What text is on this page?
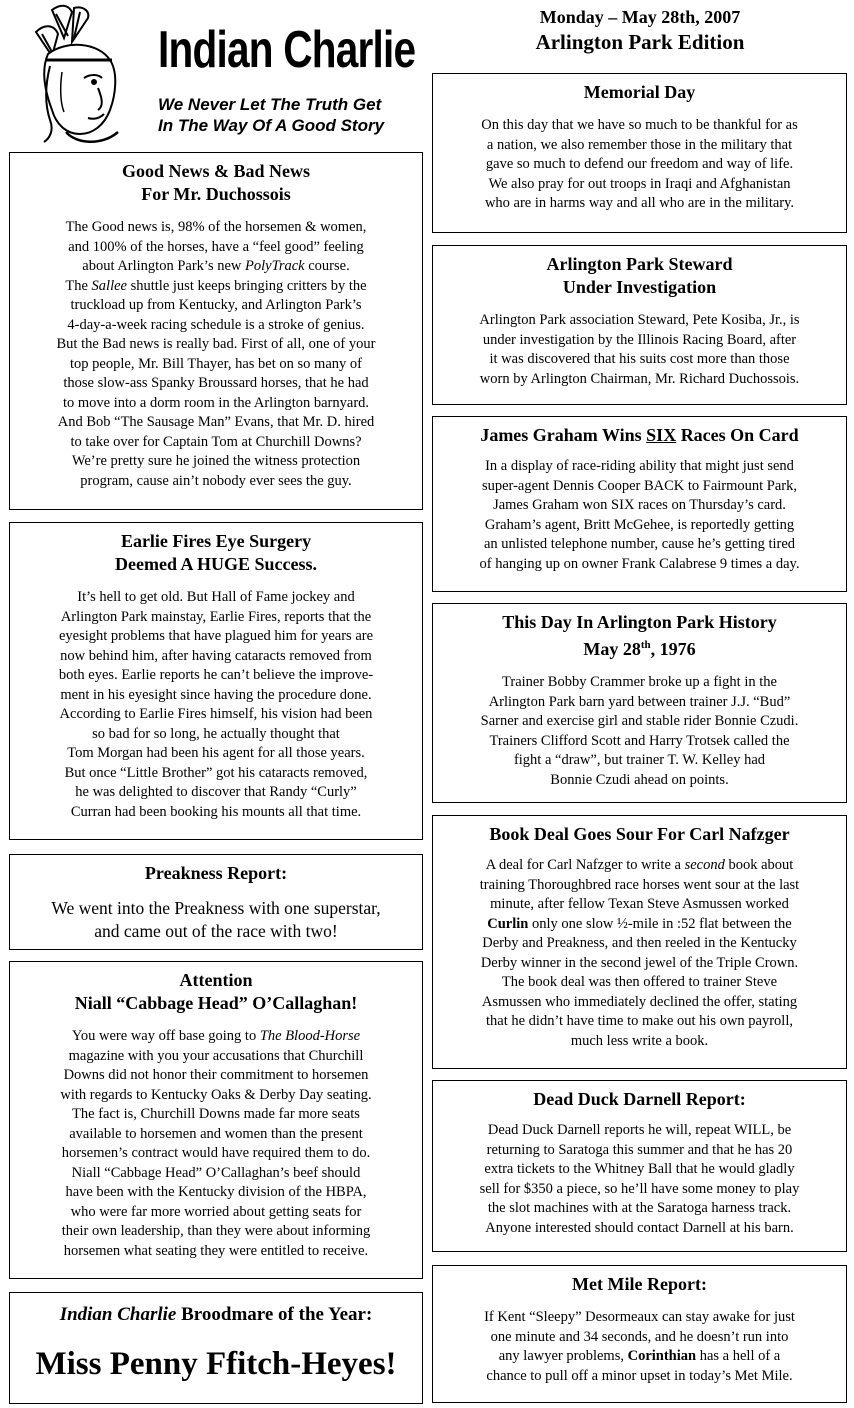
Indian Charlie
We Never Let The Truth Get
In The Way Of A Good Story
Monday – May 28th, 2007
Arlington Park Edition
Good News & Bad News
For Mr. Duchossois

The Good news is, 98% of the horsemen & women,

and 100% of the horses, have a “feel good” feeling

about Arlington Park’s new PolyTrack course.

The Sallee shuttle just keeps bringing critters by the

truckload up from Kentucky, and Arlington Park’s

4-day-a-week racing schedule is a stroke of genius.

But the Bad news is really bad. First of all, one of your

top people, Mr. Bill Thayer, has bet on so many of

those slow-ass Spanky Broussard horses, that he had

to move into a dorm room in the Arlington barnyard.

And Bob “The Sausage Man” Evans, that Mr. D. hired

to take over for Captain Tom at Churchill Downs?

We’re pretty sure he joined the witness protection

program, cause ain’t nobody ever sees the guy.

Earlie Fires Eye Surgery
Deemed A HUGE Success.

It’s hell to get old. But Hall of Fame jockey and

Arlington Park mainstay, Earlie Fires, reports that the

eyesight problems that have plagued him for years are

now behind him, after having cataracts removed from

both eyes. Earlie reports he can’t believe the improve-

ment in his eyesight since having the procedure done.

According to Earlie Fires himself, his vision had been

so bad for so long, he actually thought that

Tom Morgan had been his agent for all those years.

But once “Little Brother” got his cataracts removed,

he was delighted to discover that Randy “Curly”

Curran had been booking his mounts all that time.

Preakness Report:
We went into the Preakness with one superstar,
and came out of the race with two!
Attention
Niall “Cabbage Head” O’Callaghan!

You were way off base going to The Blood-Horse

magazine with you your accusations that Churchill

Downs did not honor their commitment to horsemen

with regards to Kentucky Oaks & Derby Day seating.

The fact is, Churchill Downs made far more seats

available to horsemen and women than the present

horsemen’s contract would have required them to do.

Niall “Cabbage Head” O’Callaghan’s beef should

have been with the Kentucky division of the HBPA,

who were far more worried about getting seats for

their own leadership, than they were about informing

horsemen what seating they were entitled to receive.

Indian Charlie Broodmare of the Year:
Miss Penny Ffitch-Heyes!
Memorial Day

On this day that we have so much to be thankful for as

a nation, we also remember those in the military that

gave so much to defend our freedom and way of life.

We also pray for out troops in Iraqi and Afghanistan

who are in harms way and all who are in the military.

Arlington Park Steward
Under Investigation

Arlington Park association Steward, Pete Kosiba, Jr., is

under investigation by the Illinois Racing Board, after

it was discovered that his suits cost more than those

worn by Arlington Chairman, Mr. Richard Duchossois.

James Graham Wins SIX Races On Card

In a display of race-riding ability that might just send

super-agent Dennis Cooper BACK to Fairmount Park,

James Graham won SIX races on Thursday’s card.

Graham’s agent, Britt McGehee, is reportedly getting

an unlisted telephone number, cause he’s getting tired

of hanging up on owner Frank Calabrese 9 times a day.

This Day In Arlington Park History
May 28th, 1976

Trainer Bobby Crammer broke up a fight in the

Arlington Park barn yard between trainer J.J. “Bud”

Sarner and exercise girl and stable rider Bonnie Czudi.

Trainers Clifford Scott and Harry Trotsek called the

fight a “draw”, but trainer T. W. Kelley had

Bonnie Czudi ahead on points.

Book Deal Goes Sour For Carl Nafzger

A deal for Carl Nafzger to write a second book about

training Thoroughbred race horses went sour at the last

minute, after fellow Texan Steve Asmussen worked

Curlin only one slow ½-mile in :52 flat between the

Derby and Preakness, and then reeled in the Kentucky

Derby winner in the second jewel of the Triple Crown.

The book deal was then offered to trainer Steve

Asmussen who immediately declined the offer, stating

that he didn’t have time to make out his own payroll,

much less write a book.

Dead Duck Darnell Report:

Dead Duck Darnell reports he will, repeat WILL, be

returning to Saratoga this summer and that he has 20

extra tickets to the Whitney Ball that he would gladly

sell for $350 a piece, so he’ll have some money to play

the slot machines with at the Saratoga harness track.

Anyone interested should contact Darnell at his barn.

Met Mile Report:

If Kent “Sleepy” Desormeaux can stay awake for just

one minute and 34 seconds, and he doesn’t run into

any lawyer problems, Corinthian has a hell of a

chance to pull off a minor upset in today’s Met Mile.
